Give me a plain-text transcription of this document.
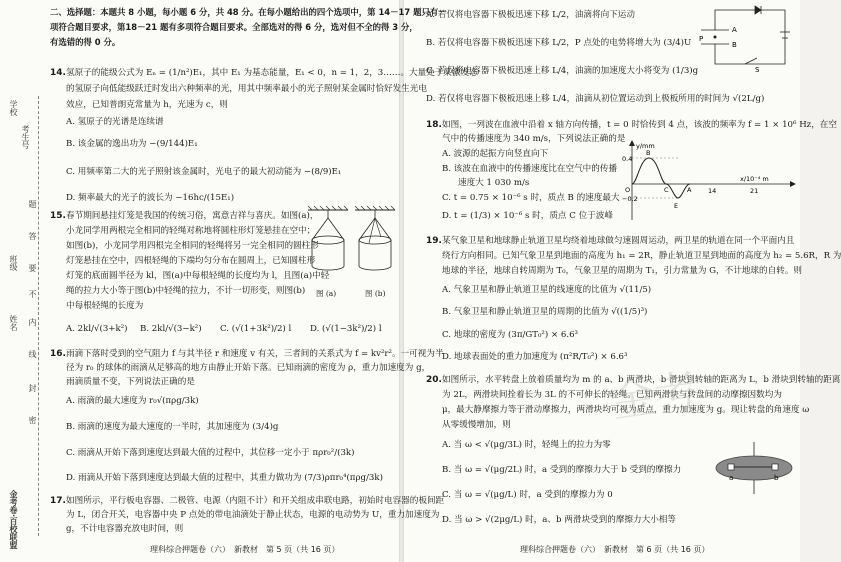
学校
班级
姓名
金考卷·百校联盟
考生号
题
答
要
不
内
线
封
密
二、选择题：本题共 8 小题，每小题 6 分，共 48 分。在每小题给出的四个选项中，第 14－17 题只有一
项符合题目要求，第18－21 题有多项符合题目要求。全部选对的得 6 分，选对但不全的得 3 分，
有选错的得 0 分。
14. 氢原子的能级公式为 Eₙ = (1/n²)E₁，其中 E₁ 为基态能量，E₁ < 0，n = 1，2，3……。大量处于某激发态
的氢原子向低能级跃迁时发出六种频率的光，用其中频率最小的光子照射某金属时恰好发生光电
效应，已知普朗克常量为 h，光速为 c，则
A. 氢原子的光谱是连续谱
B. 该金属的逸出功为 −(9/144)E₁
C. 用频率第二大的光子照射该金属时，光电子的最大初动能为 −(8/9)E₁
D. 频率最大的光子的波长为 −16hc/(15E₁)
15. 春节期间悬挂灯笼是我国的传统习俗，寓意吉祥与喜庆。如图(a)，
小龙同学用两根完全相同的轻绳对称地将圆柱形灯笼悬挂在空中；
如图(b)，小龙同学用四根完全相同的轻绳将另一完全相同的圆柱形
灯笼悬挂在空中，四根轻绳的下端均匀分布在圆周上，已知圆柱形
灯笼的底面圆半径为 kl，图(a)中每根轻绳的长度均为 l，且图(a)中轻
绳的拉力大小等于图(b)中轻绳的拉力，不计一切形变，则图(b)
中每根轻绳的长度为
图 (a)	图 (b)
A. 2kl/√(3+k²) B. 2kl/√(3−k²) C. (√(1+3k²)/2) l D. (√(1−3k²)/2) l
16. 雨滴下落时受到的空气阻力 f 与其半径 r 和速度 v 有关，三者间的关系式为 f = kv²r²。一可视为半
径为 r₀ 的球体的雨滴从足够高的地方由静止开始下落。已知雨滴的密度为 ρ，重力加速度为 g，
雨滴质量不变，下列说法正确的是
A. 雨滴的最大速度为 r₀√(πρg/3k)
B. 雨滴的速度为最大速度的一半时，其加速度为 (3/4)g
C. 雨滴从开始下落到速度达到最大值的过程中，其位移一定小于 πρr₀²/(3k)
D. 雨滴从开始下落到速度达到最大值的过程中，其重力做功为 (7/3)ρπr₀⁴(πρg/3k)
17. 如图所示，平行板电容器、二极管、电源（内阻不计）和开关组成串联电路，初始时电容器的板间距
为 L，闭合开关，电容器中央 P 点处的带电油滴处于静止状态，电源的电动势为 U，重力加速度为
g，不计电容器充放电时间，则
理科综合押题卷（六）　新教材　第 5 页（共 16 页）
A. 若仅将电容器下极板迅速下移 L/2，油滴将向下运动
B. 若仅将电容器下极板迅速下移 L/2，P 点处的电势将增大为 (3/4)U
C. 若仅将电容器下极板迅速上移 L/4，油滴的加速度大小将变为 (1/3)g
D. 若仅将电容器下极板迅速上移 L/4，油滴从初位置运动到上极板所用的时间为 √(2L/g)
P
A
B
S
18. 如图，一列波在血液中沿着 x 轴方向传播，t = 0 时恰传到 4 点，该波的频率为 f = 1 × 10⁶ Hz，在空
气中的传播速度为 340 m/s，下列说法正确的是
A. 波源的起振方向竖直向下
B. 该波在血液中的传播速度比在空气中的传播
速度大 1 030 m/s
C. t = 0.75 × 10⁻⁶ s 时，质点 B 的速度最大
D. t = (1/3) × 10⁻⁶ s 时，质点 C 位于波峰
y/mm
x/10⁻⁴ m
0.4
−0.2
O
B
C
E
A	14	21
19. 某气象卫星和地球静止轨道卫星均绕着地球做匀速圆周运动，两卫星的轨道在同一个平面内且
绕行方向相同。已知气象卫星到地面的高度为 h₁ = 2R，静止轨道卫星到地面的高度为 h₂ = 5.6R，R 为
地球的半径，地球自转周期为 T₀，气象卫星的周期为 T₁，引力常量为 G，不计地球的自转。则
A. 气象卫星和静止轨道卫星的线速度的比值为 √(11/5)
B. 气象卫星和静止轨道卫星的周期的比值为 √((1/5)³)
C. 地球的密度为 (3π/GT₀²) × 6.6³
D. 地球表面处的重力加速度为 (π²R/T₀²) × 6.6³
20. 如图所示，水平转盘上放着质量均为 m 的 a、b 两滑块，b 滑块到转轴的距离为 L，b 滑块到转轴的距离
为 2L，两滑块间拴着长为 3L 的不可伸长的轻绳。已知两滑块与转盘间的动摩擦因数均为
μ，最大静摩擦力等于滑动摩擦力，两滑块均可视为质点，重力加速度为 g。现让转盘的角速度 ω
从零缓慢增加，则
A. 当 ω < √(μg/3L) 时，轻绳上的拉力为零
B. 当 ω = √(μg/2L) 时，a 受到的摩擦力大于 b 受到的摩擦力
C. 当 ω = √(μg/L) 时，a 受到的摩擦力为 0
D. 当 ω > √(2μg/L) 时，a、b 两滑块受到的摩擦力大小相等
a	b
金考
理科综合押题卷（六）　新教材　第 6 页（共 16 页）
